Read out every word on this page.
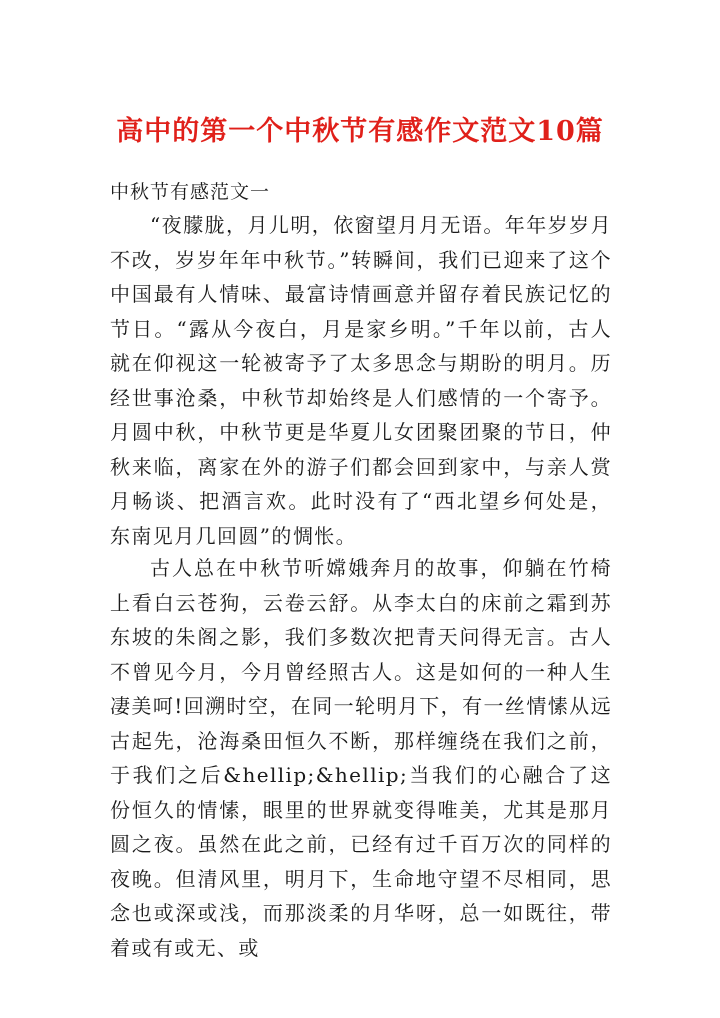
高中的第一个中秋节有感作文范文10篇
中秋节有感范文一

“夜朦胧，月儿明，依窗望月月无语。年年岁岁月不改，岁岁年年中秋节。”转瞬间，我们已迎来了这个中国最有人情味、最富诗情画意并留存着民族记忆的节日。“露从今夜白，月是家乡明。”千年以前，古人就在仰视这一轮被寄予了太多思念与期盼的明月。历经世事沧桑，中秋节却始终是人们感情的一个寄予。月圆中秋，中秋节更是华夏儿女团聚团聚的节日，仲秋来临，离家在外的游子们都会回到家中，与亲人赏月畅谈、把酒言欢。此时没有了“西北望乡何处是，东南见月几回圆”的惆怅。

古人总在中秋节听嫦娥奔月的故事，仰躺在竹椅上看白云苍狗，云卷云舒。从李太白的床前之霜到苏东坡的朱阁之影，我们多数次把青天问得无言。古人不曾见今月，今月曾经照古人。这是如何的一种人生凄美呵!回溯时空，在同一轮明月下，有一丝情愫从远古起先，沧海桑田恒久不断，那样缠绕在我们之前，于我们之后&hellip;&hellip;当我们的心融合了这份恒久的情愫，眼里的世界就变得唯美，尤其是那月圆之夜。虽然在此之前，已经有过千百万次的同样的夜晚。但清风里，明月下，生命地守望不尽相同，思念也或深或浅，而那淡柔的月华呀，总一如既往，带着或有或无、或
